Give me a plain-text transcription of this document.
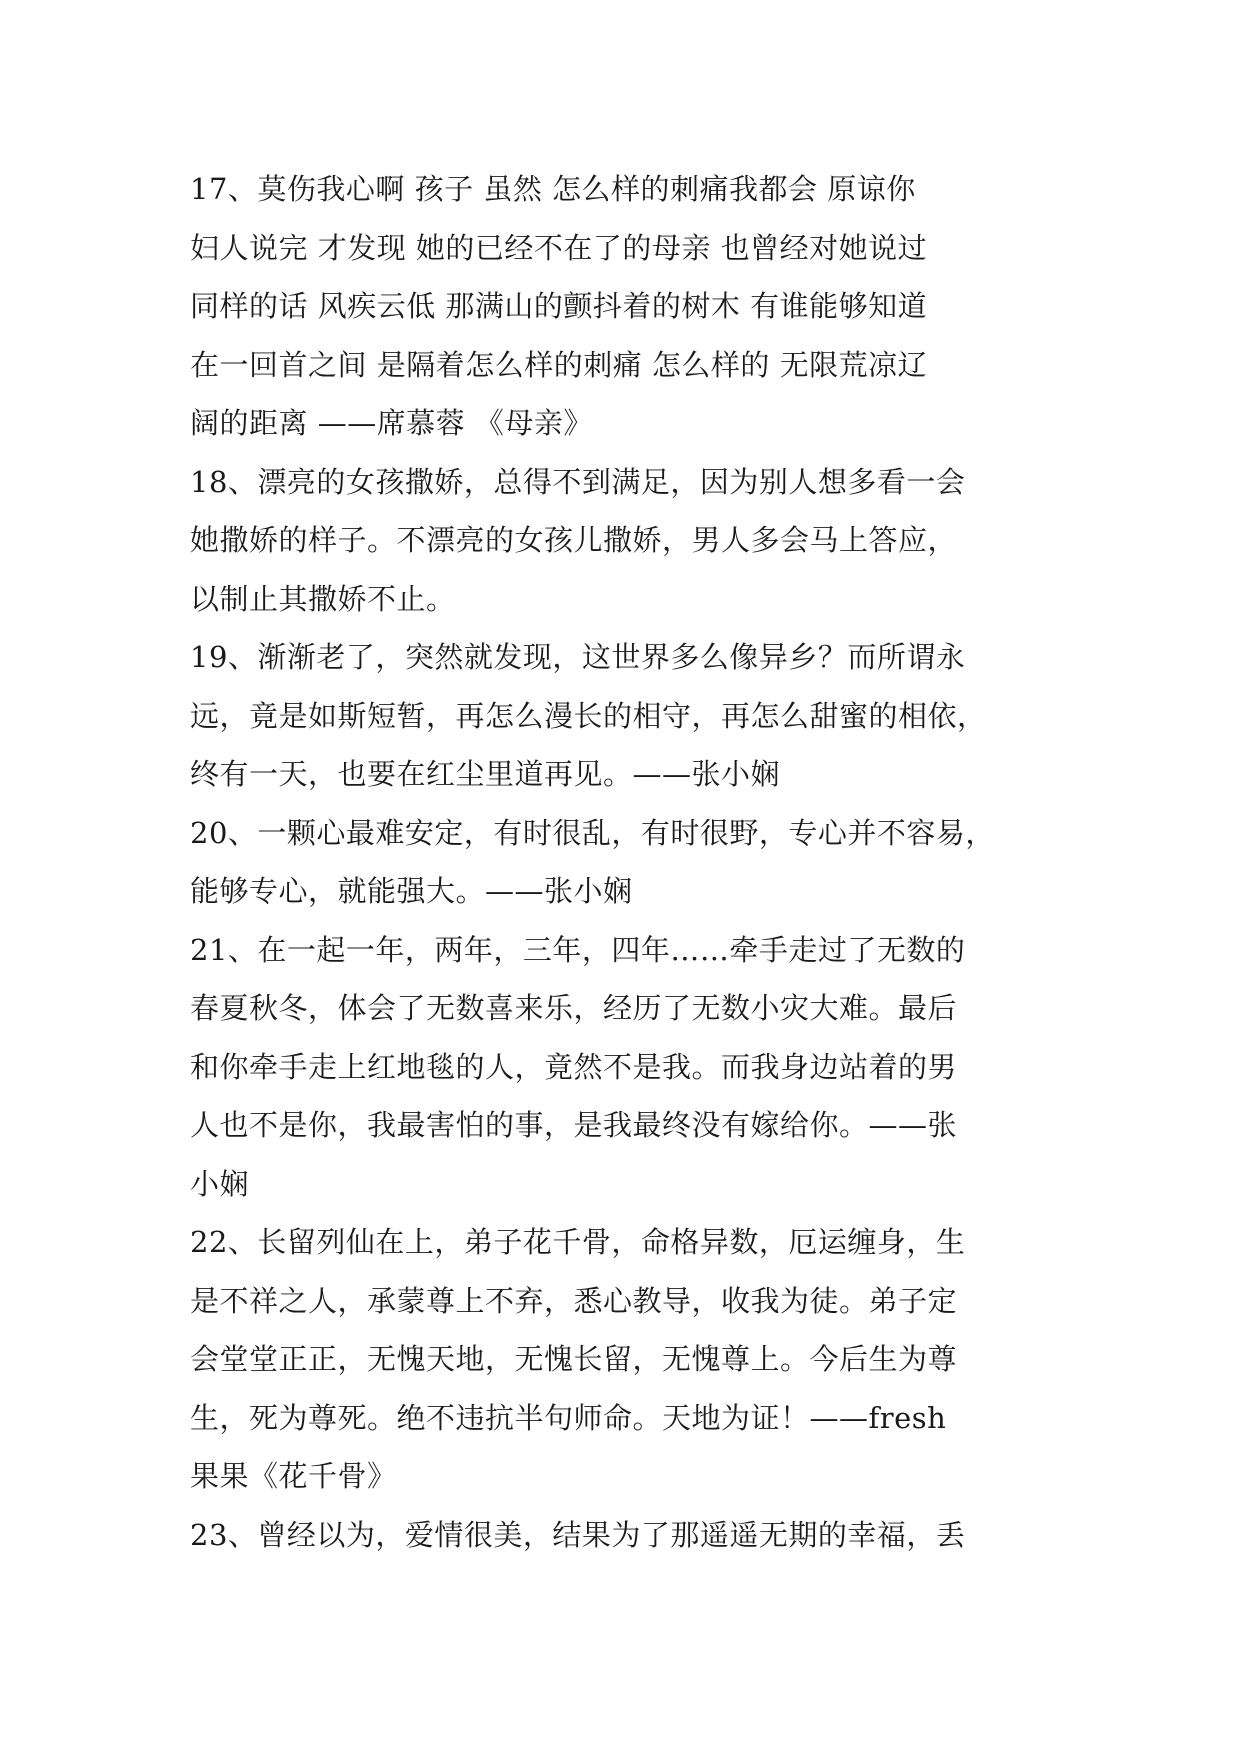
17、莫伤我心啊 孩子 虽然 怎么样的刺痛我都会 原谅你
妇人说完 才发现 她的已经不在了的母亲 也曾经对她说过
同样的话 风疾云低 那满山的颤抖着的树木 有谁能够知道
在一回首之间 是隔着怎么样的刺痛 怎么样的 无限荒凉辽
阔的距离 ——席慕蓉 《母亲》
18、漂亮的女孩撒娇，总得不到满足，因为别人想多看一会
她撒娇的样子。不漂亮的女孩儿撒娇，男人多会马上答应，
以制止其撒娇不止。
19、渐渐老了，突然就发现，这世界多么像异乡？而所谓永
远，竟是如斯短暂，再怎么漫长的相守，再怎么甜蜜的相依，
终有一天，也要在红尘里道再见。——张小娴
20、一颗心最难安定，有时很乱，有时很野，专心并不容易，
能够专心，就能强大。——张小娴
21、在一起一年，两年，三年，四年……牵手走过了无数的
春夏秋冬，体会了无数喜来乐，经历了无数小灾大难。最后
和你牵手走上红地毯的人，竟然不是我。而我身边站着的男
人也不是你，我最害怕的事，是我最终没有嫁给你。——张
小娴
22、长留列仙在上，弟子花千骨，命格异数，厄运缠身，生
是不祥之人，承蒙尊上不弃，悉心教导，收我为徒。弟子定
会堂堂正正，无愧天地，无愧长留，无愧尊上。今后生为尊
生，死为尊死。绝不违抗半句师命。天地为证！——fresh
果果《花千骨》
23、曾经以为，爱情很美，结果为了那遥遥无期的幸福，丢
